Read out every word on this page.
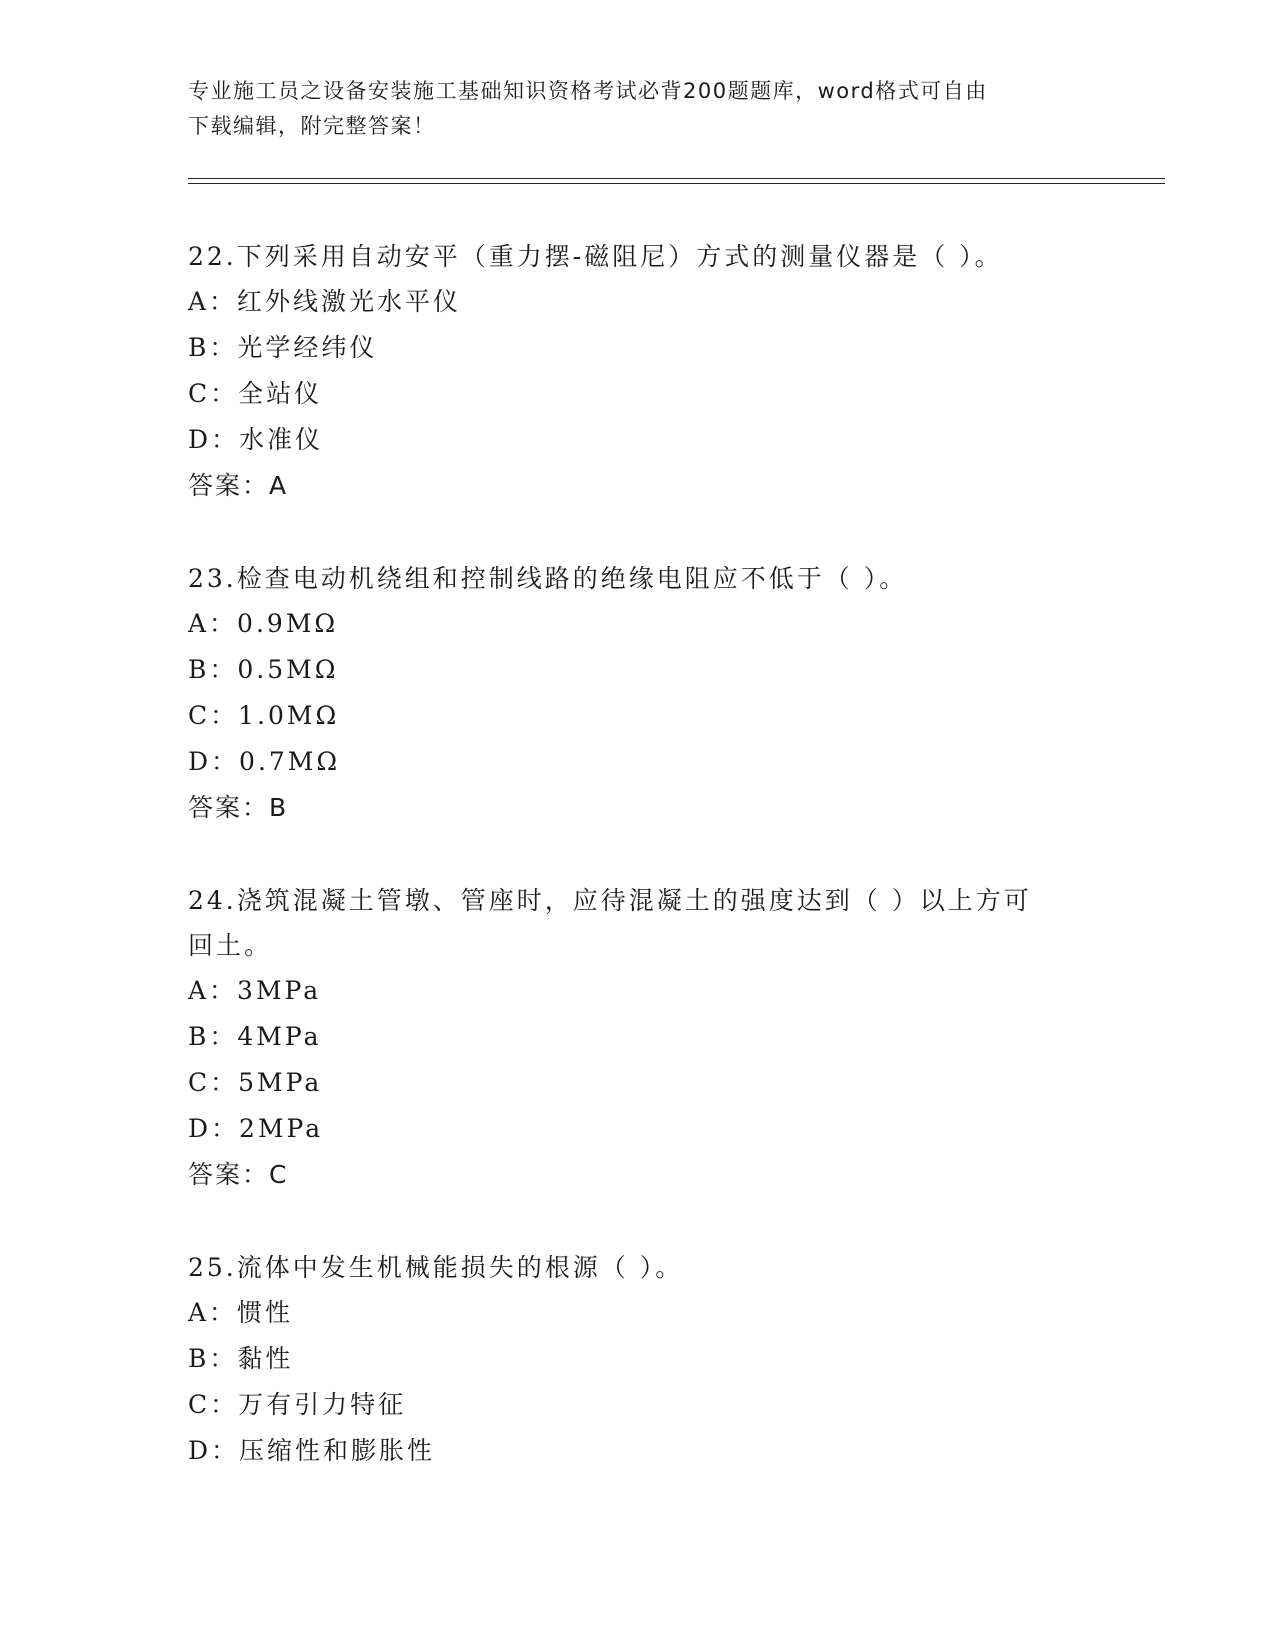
专业施工员之设备安装施工基础知识资格考试必背200题题库，word格式可自由
下载编辑，附完整答案！

22.下列采用自动安平（重力摆-磁阻尼）方式的测量仪器是（ ）。

A：红外线激光水平仪

B：光学经纬仪

C：全站仪

D：水准仪

答案：A

23.检查电动机绕组和控制线路的绝缘电阻应不低于（ ）。

A：0.9MΩ

B：0.5MΩ

C：1.0MΩ

D：0.7MΩ

答案：B

24.浇筑混凝土管墩、管座时，应待混凝土的强度达到（ ）以上方可

回土。

A：3MPa

B：4MPa

C：5MPa

D：2MPa

答案：C

25.流体中发生机械能损失的根源（ ）。

A：惯性

B：黏性

C：万有引力特征

D：压缩性和膨胀性
